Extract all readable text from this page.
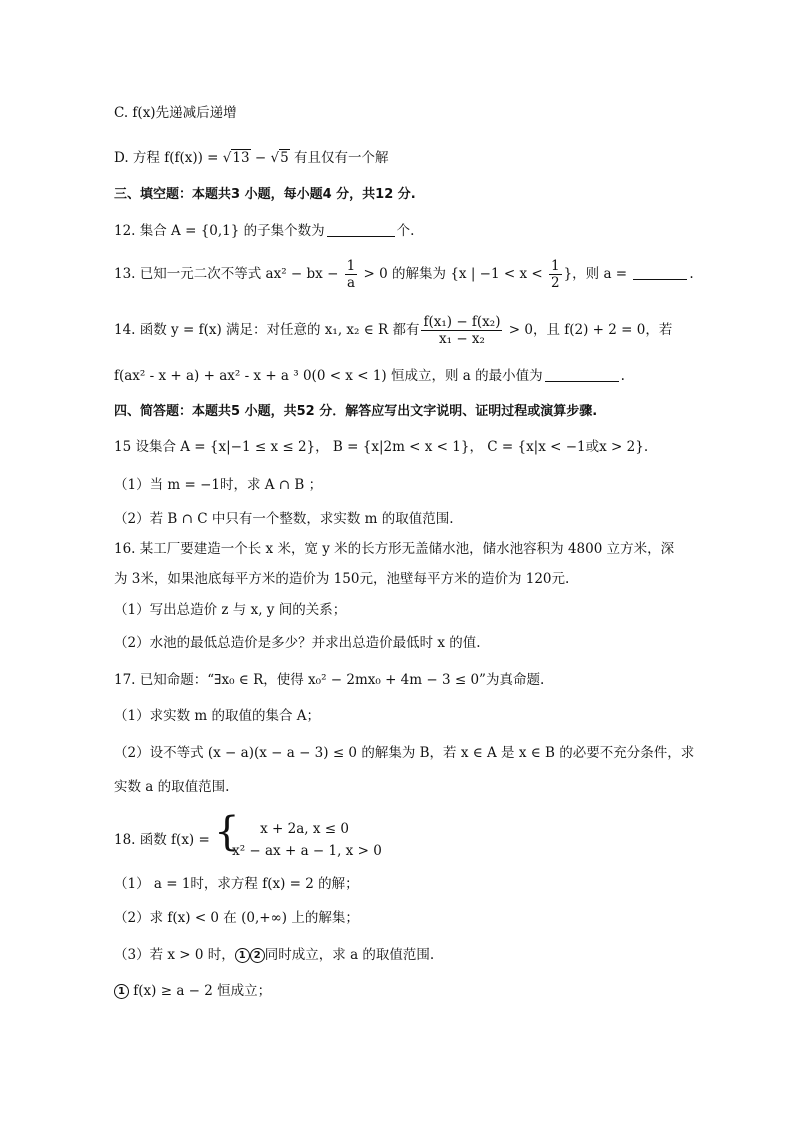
C. f(x)先递减后递增
D. 方程 f(f(x)) = √13 − √5 有且仅有一个解
三、填空题：本题共3 小题，每小题4 分，共12 分.
12. 集合 A = {0,1} 的子集个数为	个.
13. 已知一元二次不等式 ax² − bx − $\frac{1}{a} > 0$ 的解集为 {x | $-1 < x < \frac{1}{2}$ }，则 a =	.
14. 函数 y = f(x) 满足：对任意的 x₁, x₂ ∈ R 都有 $\frac{\text{f(x₁) − f(x₂)}}{\text{x₁ − x₂}} > 0$，且 f(2) + 2 = 0，若
f(ax² - x + a) + ax² - x + a ³ 0(0 < x < 1) 恒成立，则 a 的最小值为	.
四、简答题：本题共5 小题，共52 分．解答应写出文字说明、证明过程或演算步骤.
15 设集合 A = {x|−1 ≤ x ≤ 2}， B = {x|2m < x < 1}， C = {x|x < −1或x > 2}.
（1）当 m = −1时，求 A ∩ B ；
（2）若 B ∩ C 中只有一个整数，求实数 m 的取值范围.
16. 某工厂要建造一个长 x 米，宽 y 米的长方形无盖储水池，储水池容积为 4800 立方米，深
为 3米，如果池底每平方米的造价为 150元，池壁每平方米的造价为 120元.
（1）写出总造价 z 与 x, y 间的关系；
（2）水池的最低总造价是多少？并求出总造价最低时 x 的值.
17. 已知命题：“∃x₀ ∈ R，使得 x₀² − 2mx₀ + 4m − 3 ≤ 0”为真命题.
（1）求实数 m 的取值的集合 A；
（2）设不等式 (x − a)(x − a − 3) ≤ 0 的解集为 B，若 x ∈ A 是 x ∈ B 的必要不充分条件，求
实数 a 的取值范围.
18. 函数 f(x) = {	x + 2a, x ≤ 0
x² − ax + a − 1, x > 0
（1） a = 1时，求方程 f(x) = 2 的解；
（2）求 f(x) < 0 在 (0,+∞) 上的解集；
（3）若 x > 0 时， 1 2 同时成立，求 a 的取值范围.
1 f(x) ≥ a − 2 恒成立；
